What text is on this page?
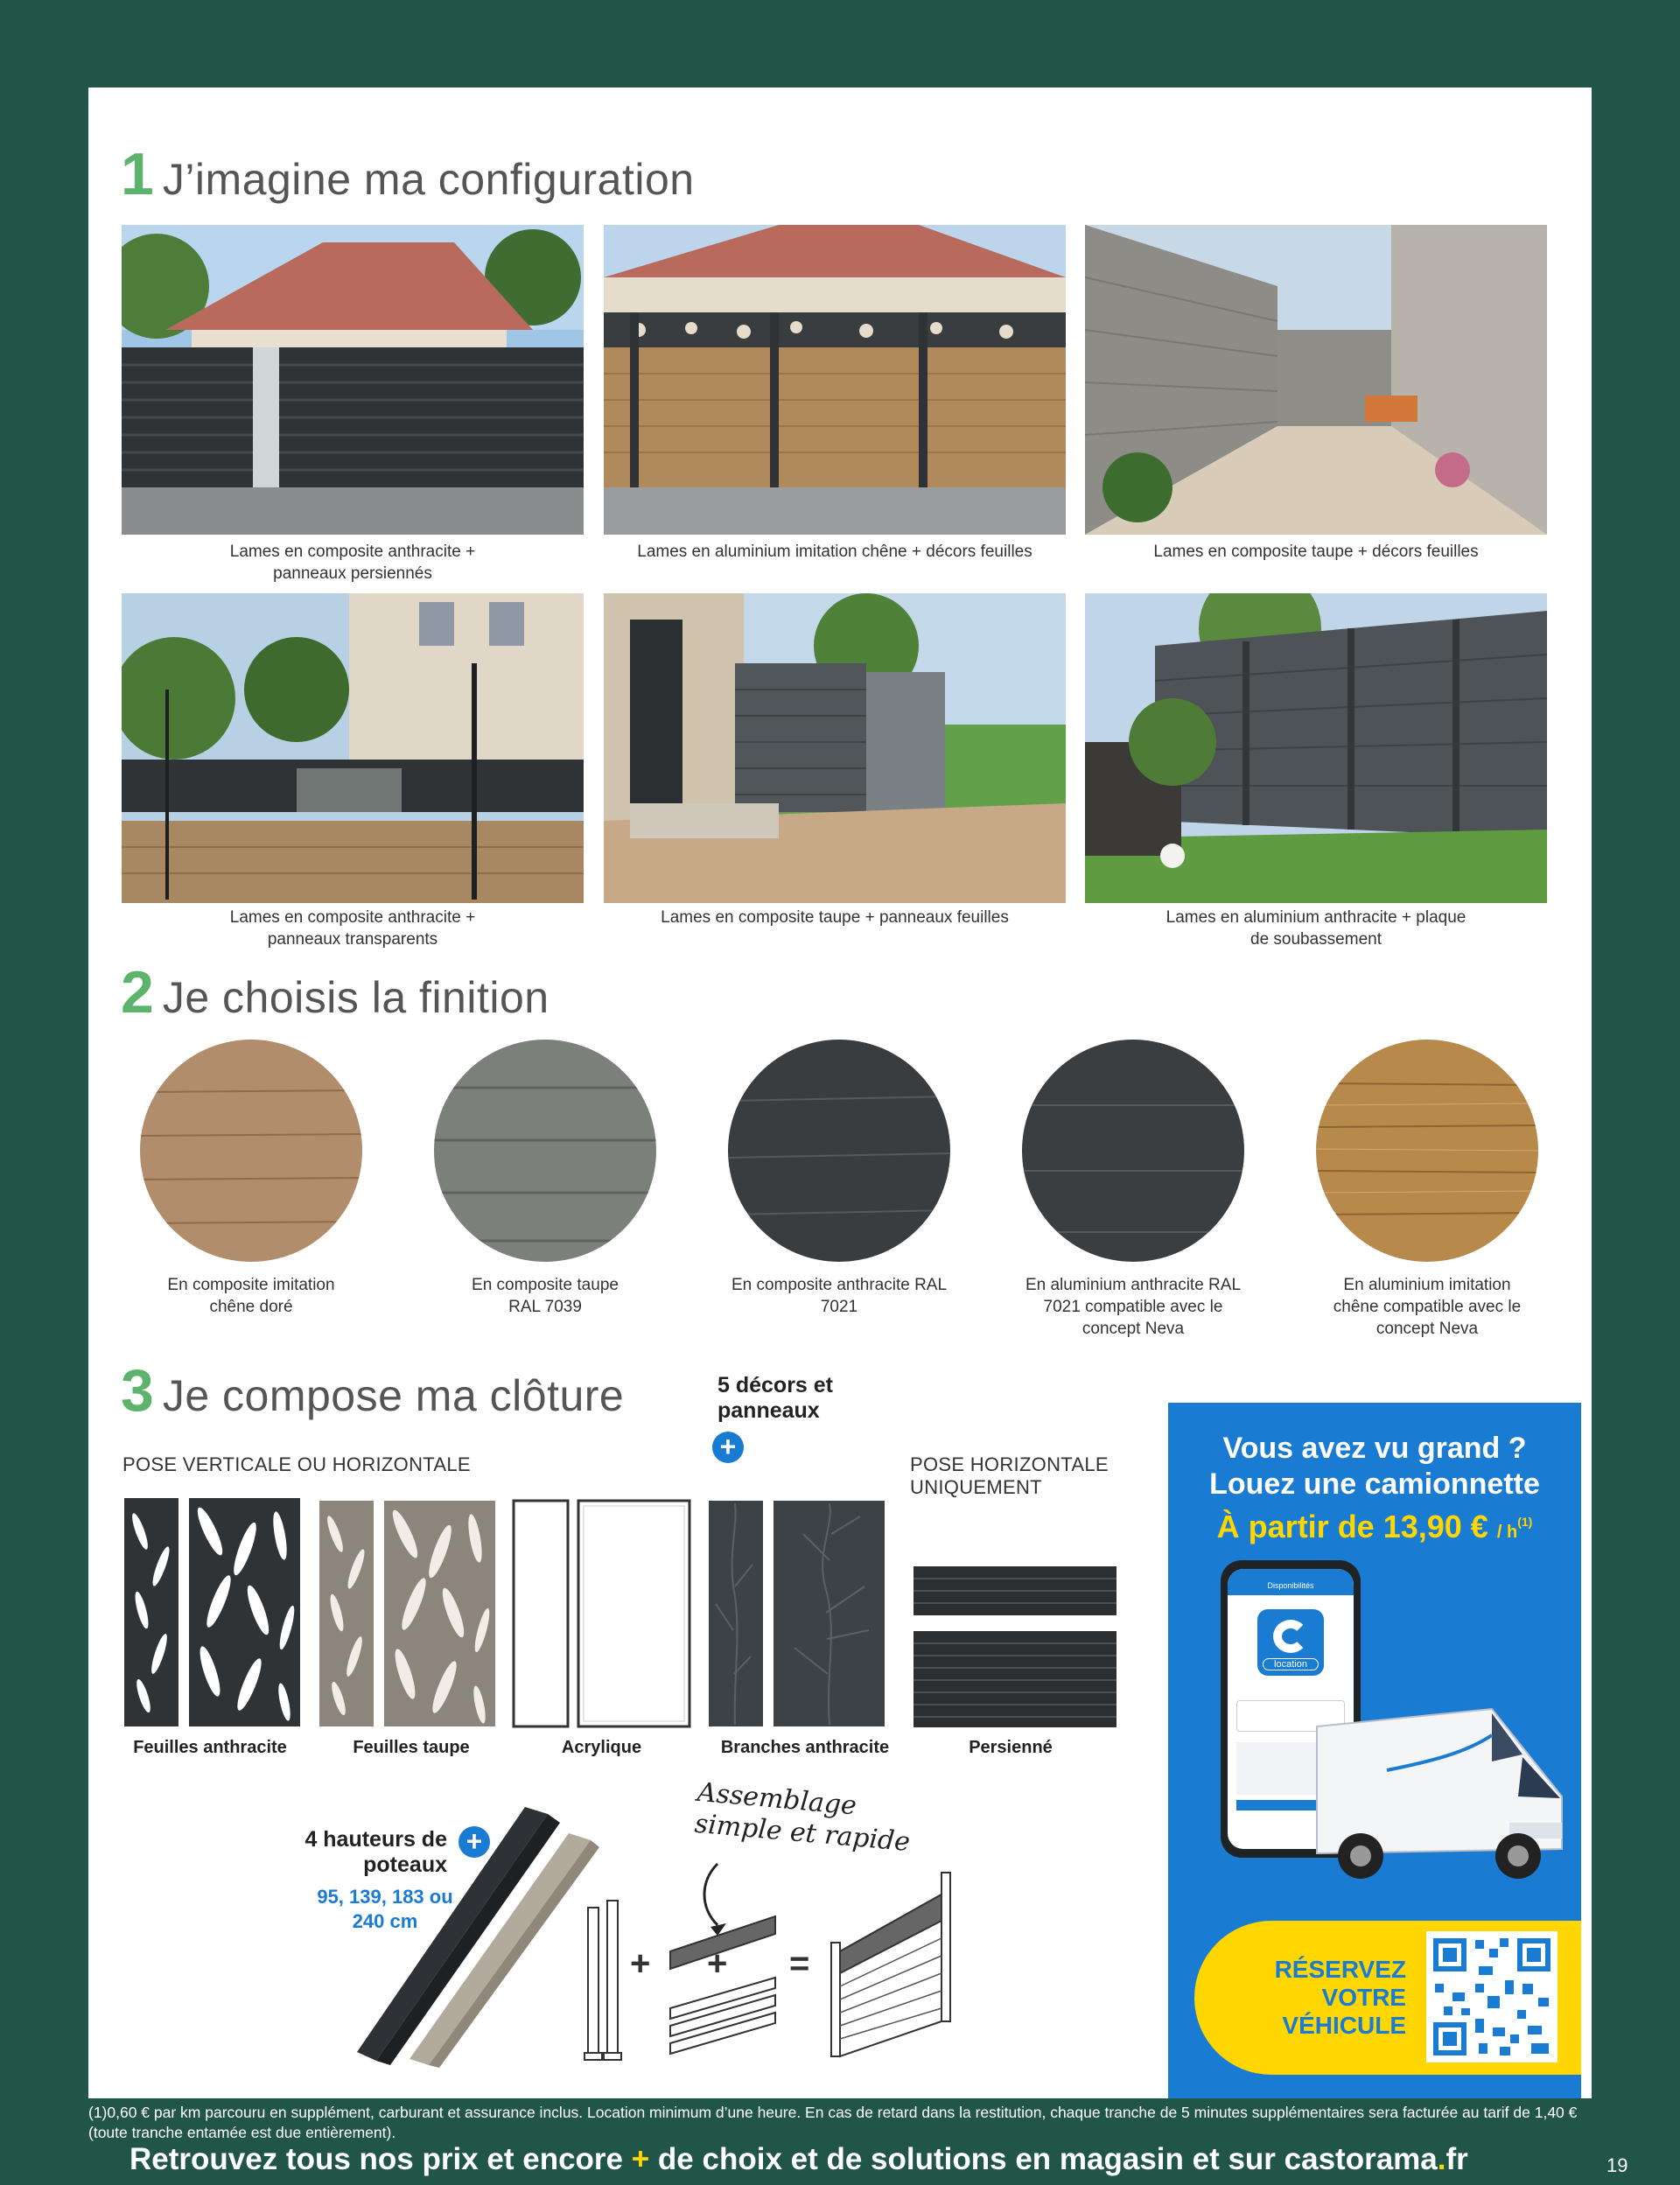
1 J’imagine ma configuration
Lames en composite anthracite + panneaux persiennés
Lames en aluminium imitation chêne + décors feuilles	Lames en composite taupe + décors feuilles
Lames en composite anthracite + panneaux transparents
Lames en composite taupe + panneaux feuilles	Lames en aluminium anthracite + plaque de soubassement
2 Je choisis la finition
En composite imitation chêne doré
En composite taupe RAL 7039
En composite anthracite RAL 7021
En aluminium anthracite RAL 7021 compatible avec le concept Neva
En aluminium imitation chêne compatible avec le concept Neva
3 Je compose ma clôture	5 décors et panneaux
+
POSE VERTICALE OU HORIZONTALE	POSE HORIZONTALE UNIQUEMENT
Feuilles anthracite	Feuilles taupe	Acrylique	Branches anthracite	Persienné
4 hauteurs de poteaux
+
95, 139, 183 ou 240 cm
Assemblage simple et rapide
+ + =
Vous avez vu grand ?
Louez une camionnette
À partir de 13,90 € / $h^{(1)}$
Disponibilités
location
RÉSERVEZ VOTRE VÉHICULE
(1)0,60 € par km parcouru en supplément, carburant et assurance inclus. Location minimum d’une heure. En cas de retard dans la restitution, chaque tranche de 5 minutes supplémentaires sera facturée au tarif de 1,40 € (toute tranche entamée est due entièrement).
Retrouvez tous nos prix et encore + de choix et de solutions en magasin et sur castorama.fr	19
